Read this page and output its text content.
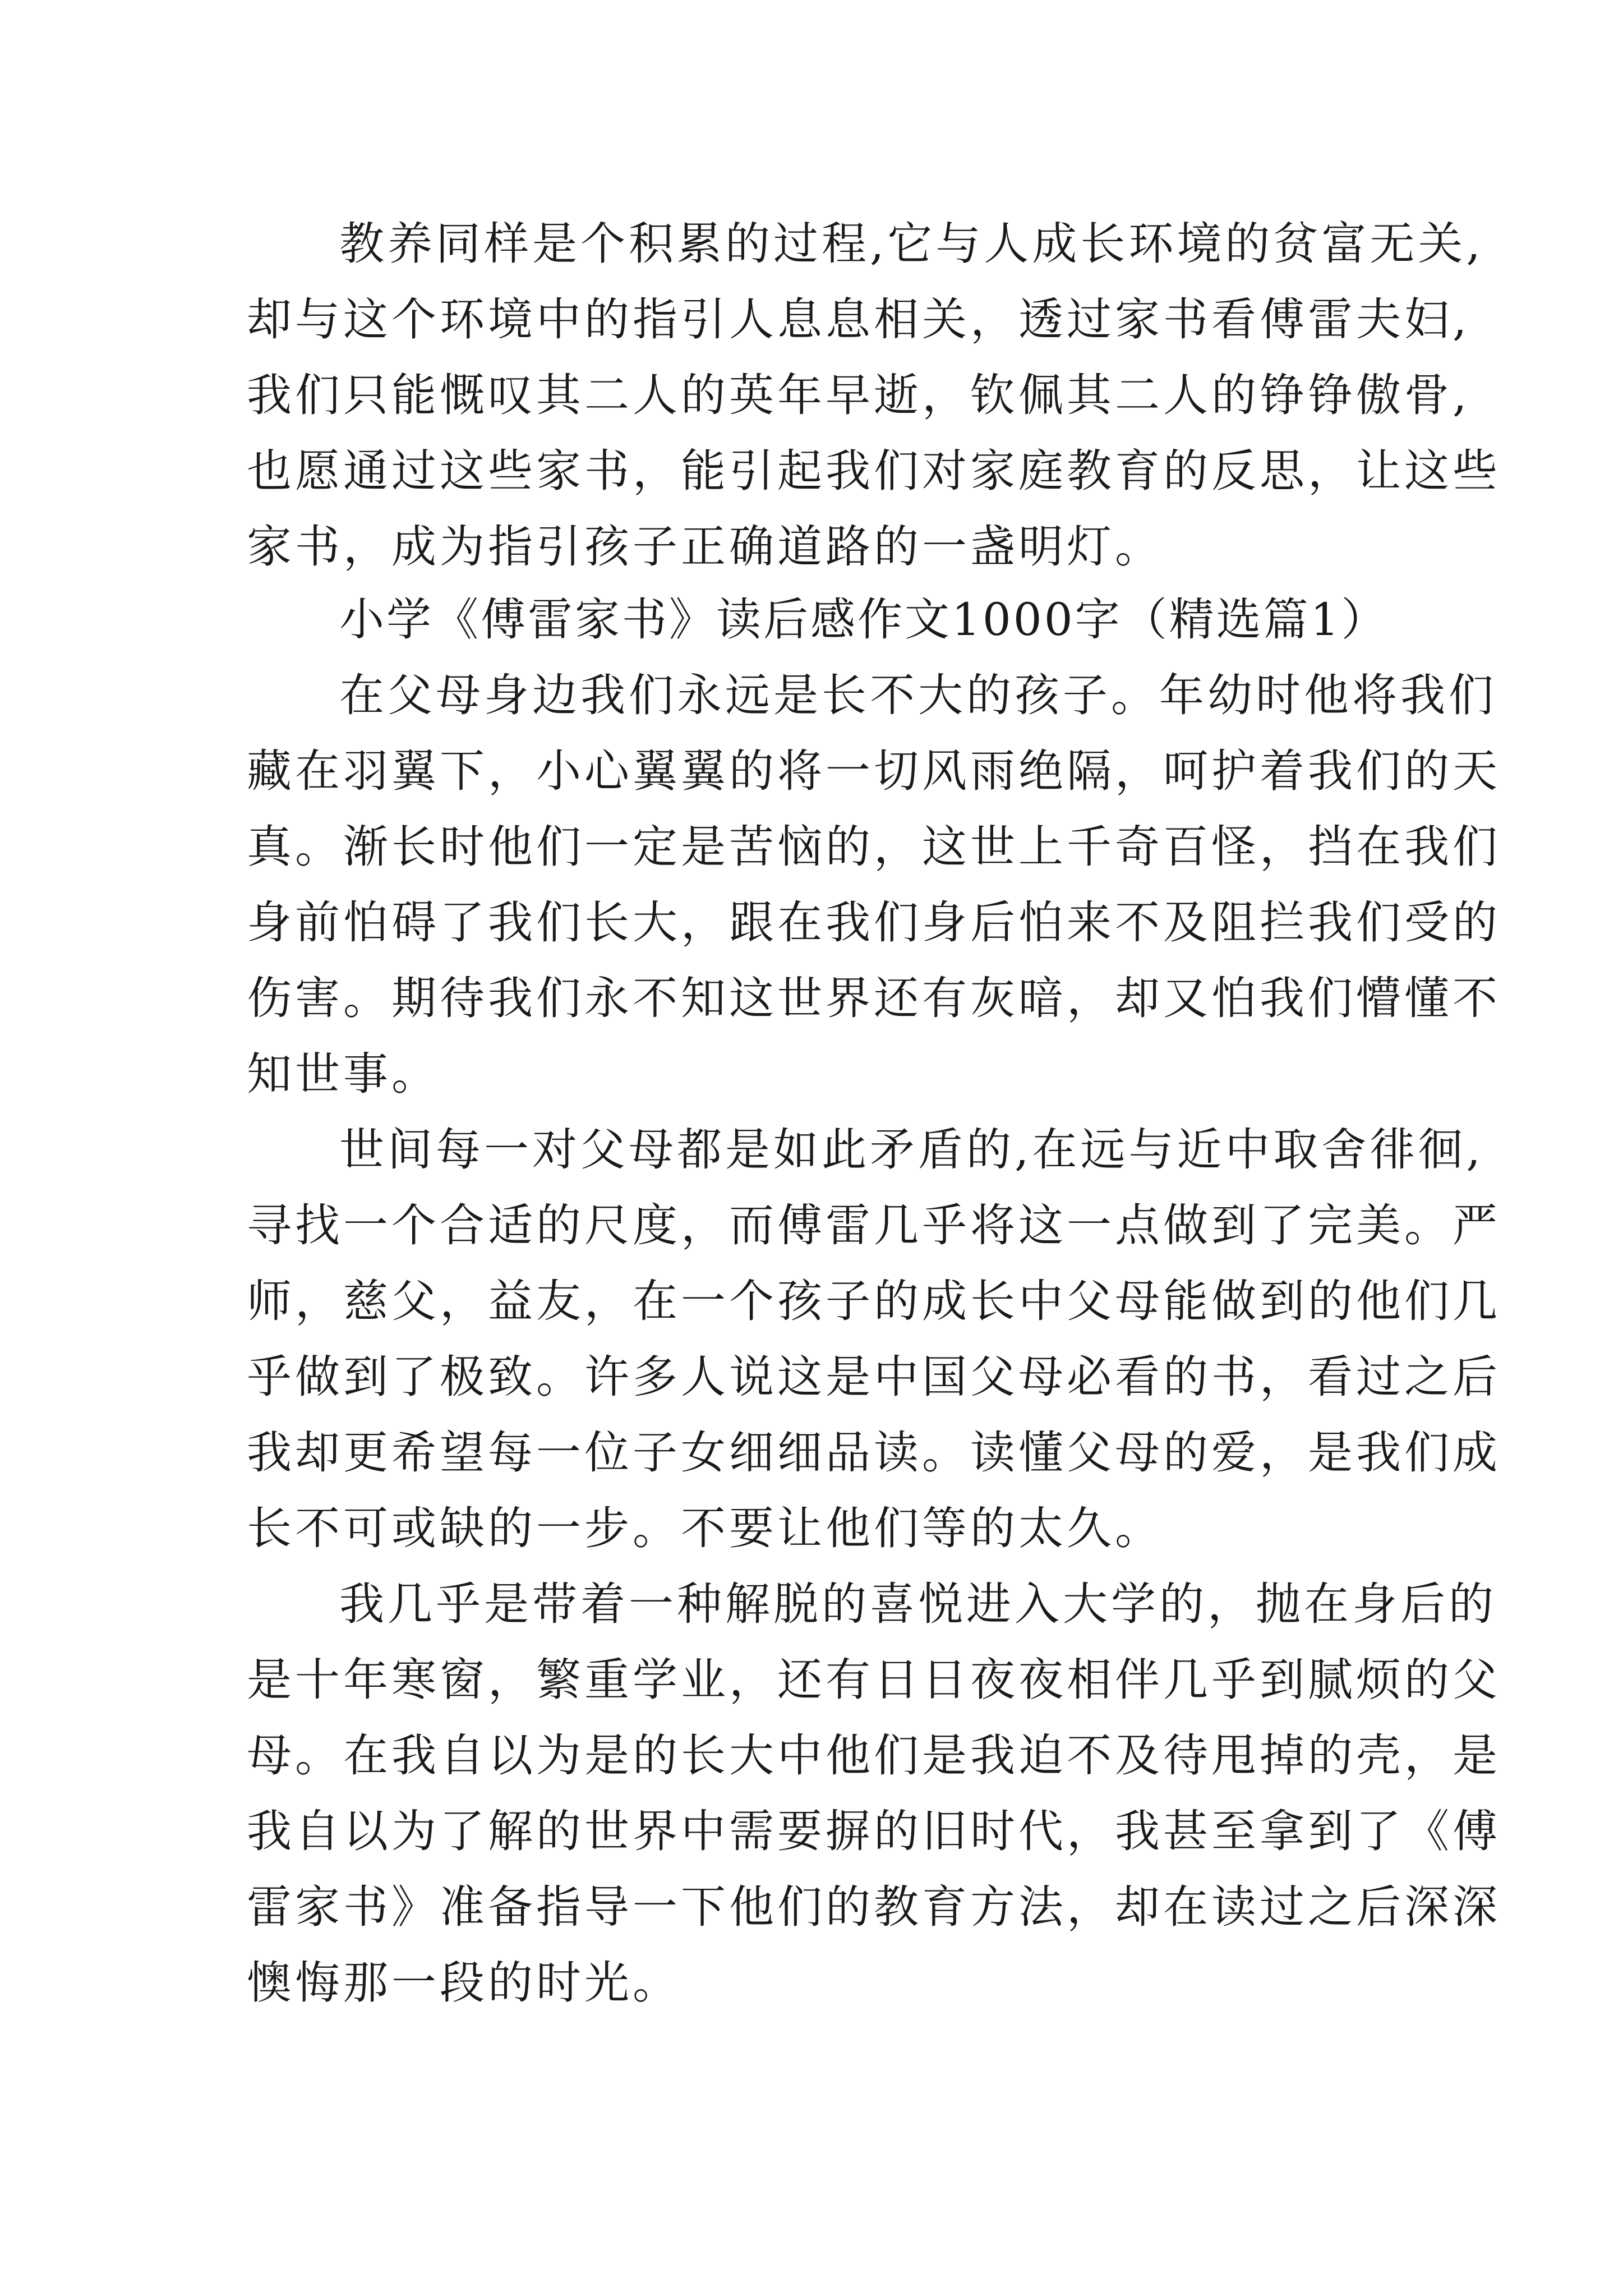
教养同样是个积累的过程,它与人成长环境的贫富无关,
却与这个环境中的指引人息息相关，透过家书看傅雷夫妇,
我们只能慨叹其二人的英年早逝，钦佩其二人的铮铮傲骨,
也愿通过这些家书，能引起我们对家庭教育的反思，让这些
家书，成为指引孩子正确道路的一盏明灯。
小学《傅雷家书》读后感作文1000字（精选篇1）
在父母身边我们永远是长不大的孩子。年幼时他将我们
藏在羽翼下，小心翼翼的将一切风雨绝隔，呵护着我们的天
真。渐长时他们一定是苦恼的，这世上千奇百怪，挡在我们
身前怕碍了我们长大，跟在我们身后怕来不及阻拦我们受的
伤害。期待我们永不知这世界还有灰暗，却又怕我们懵懂不
知世事。
世间每一对父母都是如此矛盾的,在远与近中取舍徘徊,
寻找一个合适的尺度，而傅雷几乎将这一点做到了完美。严
师，慈父，益友，在一个孩子的成长中父母能做到的他们几
乎做到了极致。许多人说这是中国父母必看的书，看过之后
我却更希望每一位子女细细品读。读懂父母的爱，是我们成
长不可或缺的一步。不要让他们等的太久。
我几乎是带着一种解脱的喜悦进入大学的，抛在身后的
是十年寒窗，繁重学业，还有日日夜夜相伴几乎到腻烦的父
母。在我自以为是的长大中他们是我迫不及待甩掉的壳，是
我自以为了解的世界中需要摒的旧时代，我甚至拿到了《傅
雷家书》准备指导一下他们的教育方法，却在读过之后深深
懊悔那一段的时光。
